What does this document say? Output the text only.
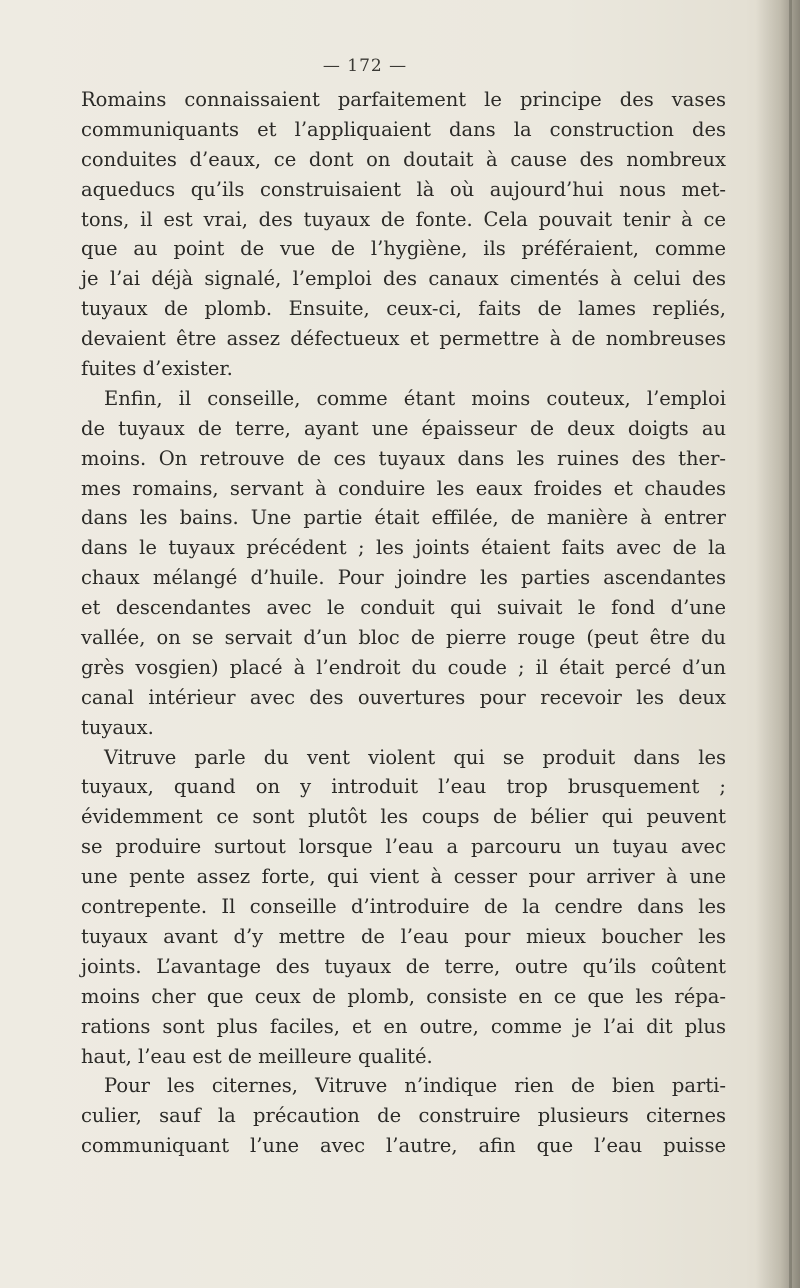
— 172 —
Romains connaissaient parfaitement le principe des vases
communiquants et l’appliquaient dans la construction des
conduites d’eaux, ce dont on doutait à cause des nombreux
aqueducs qu’ils construisaient là où aujourd’hui nous met-
tons, il est vrai, des tuyaux de fonte. Cela pouvait tenir à ce
que au point de vue de l’hygiène, ils préféraient, comme
je l’ai déjà signalé, l’emploi des canaux cimentés à celui des
tuyaux de plomb. Ensuite, ceux-ci, faits de lames repliés,
devaient être assez défectueux et permettre à de nombreuses
fuites d’exister.
Enfin, il conseille, comme étant moins couteux, l’emploi
de tuyaux de terre, ayant une épaisseur de deux doigts au
moins. On retrouve de ces tuyaux dans les ruines des ther-
mes romains, servant à conduire les eaux froides et chaudes
dans les bains. Une partie était effilée, de manière à entrer
dans le tuyaux précédent ; les joints étaient faits avec de la
chaux mélangé d’huile. Pour joindre les parties ascendantes
et descendantes avec le conduit qui suivait le fond d’une
vallée, on se servait d’un bloc de pierre rouge (peut être du
grès vosgien) placé à l’endroit du coude ; il était percé d’un
canal intérieur avec des ouvertures pour recevoir les deux
tuyaux.
Vitruve parle du vent violent qui se produit dans les
tuyaux, quand on y introduit l’eau trop brusquement ;
évidemment ce sont plutôt les coups de bélier qui peuvent
se produire surtout lorsque l’eau a parcouru un tuyau avec
une pente assez forte, qui vient à cesser pour arriver à une
contrepente. Il conseille d’introduire de la cendre dans les
tuyaux avant d’y mettre de l’eau pour mieux boucher les
joints. L’avantage des tuyaux de terre, outre qu’ils coûtent
moins cher que ceux de plomb, consiste en ce que les répa-
rations sont plus faciles, et en outre, comme je l’ai dit plus
haut, l’eau est de meilleure qualité.
Pour les citernes, Vitruve n’indique rien de bien parti-
culier, sauf la précaution de construire plusieurs citernes
communiquant l’une avec l’autre, afin que l’eau puisse
